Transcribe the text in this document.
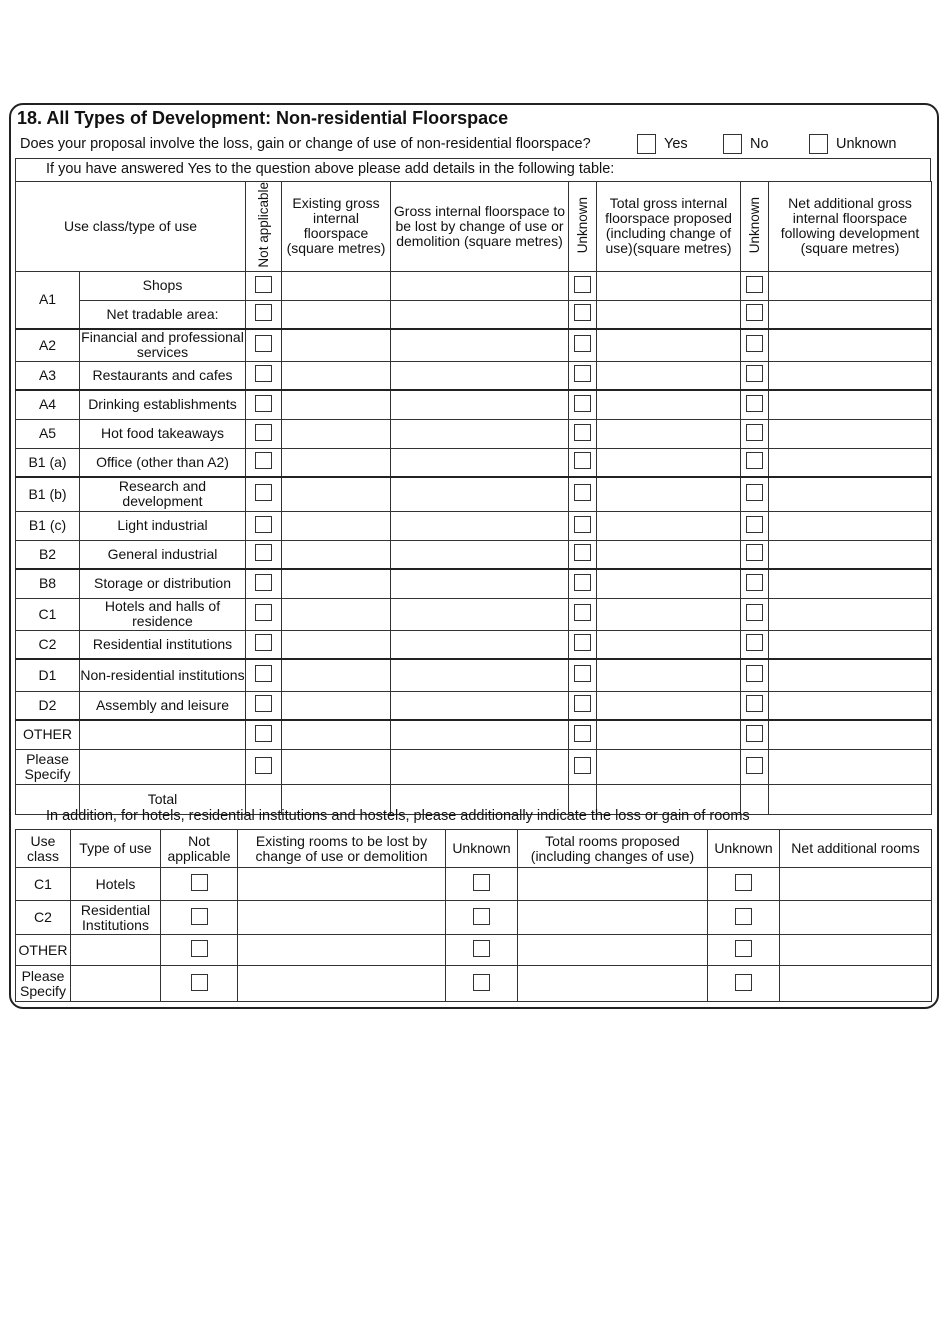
18. All Types of Development: Non-residential Floorspace
Does your proposal involve the loss, gain or change of use of non-residential floorspace?	Yes	No	Unknown
If you have answered Yes to the question above please add details in the following table:
Use class/type of use		Not applicable	Existing gross internal floorspace (square metres)	Gross internal floorspace to be lost by change of use or demolition (square metres)	Unknown	Total gross internal floorspace proposed (including change of use)(square metres)	Unknown	Net additional gross internal floorspace following development (square metres)
A1	Shops							
	Net tradable area:							
A2	Financial and professional services							
A3	Restaurants and cafes							
A4	Drinking establishments							
A5	Hot food takeaways							
B1 (a)	Office (other than A2)							
B1 (b)	Research and development							
B1 (c)	Light industrial							
B2	General industrial							
B8	Storage or distribution							
C1	Hotels and halls of residence							
C2	Residential institutions							
D1	Non-residential institutions							
D2	Assembly and leisure							
OTHER								
Please Specify								
	Total							
In addition, for hotels, residential institutions and hostels, please additionally indicate the loss or gain of rooms
Use class	Type of use	Not applicable	Existing rooms to be lost by change of use or demolition	Unknown	Total rooms proposed (including changes of use)	Unknown	Net additional rooms
C1	Hotels						
C2	Residential Institutions						
OTHER							
Please Specify							
